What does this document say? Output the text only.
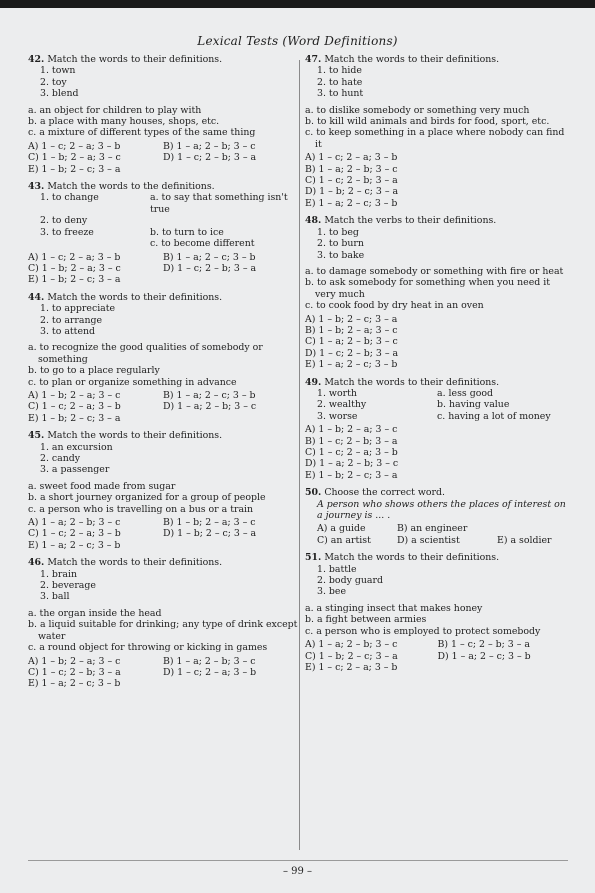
Lexical Tests (Word Definitions)
42. Match the words to their definitions.
1. town
2. toy
3. blend
a. an object for children to play with
b. a place with many houses, shops, etc.
c. a mixture of different types of the same thing
A) 1 – c; 2 – a; 3 – b	B) 1 – a; 2 – b; 3 – c
C) 1 – b; 2 – a; 3 – c	D) 1 – c; 2 – b; 3 – a
E) 1 – b; 2 – c; 3 – a
43. Match the words to the definitions.
1. to change	a. to say that something isn't true
2. to deny
3. to freeze	b. to turn to ice
c. to become different
A) 1 – c; 2 – a; 3 – b	B) 1 – a; 2 – c; 3 – b
C) 1 – b; 2 – a; 3 – c	D) 1 – c; 2 – b; 3 – a
E) 1 – b; 2 – c; 3 – a
44. Match the words to their definitions.
1. to appreciate
2. to arrange
3. to attend
a. to recognize the good qualities of somebody or something
b. to go to a place regularly
c. to plan or organize something in advance
A) 1 – b; 2 – a; 3 – c	B) 1 – a; 2 – c; 3 – b
C) 1 – c; 2 – a; 3 – b	D) 1 – a; 2 – b; 3 – c
E) 1 – b; 2 – c; 3 – a
45. Match the words to their definitions.
1. an excursion
2. candy
3. a passenger
a. sweet food made from sugar
b. a short journey organized for a group of people
c. a person who is travelling on a bus or a train
A) 1 – a; 2 – b; 3 – c	B) 1 – b; 2 – a; 3 – c
C) 1 – c; 2 – a; 3 – b	D) 1 – b; 2 – c; 3 – a
E) 1 – a; 2 – c; 3 – b
46. Match the words to their definitions.
1. brain
2. beverage
3. ball
a. the organ inside the head
b. a liquid suitable for drinking; any type of drink except water
c. a round object for throwing or kicking in games
A) 1 – b; 2 – a; 3 – c	B) 1 – a; 2 – b; 3 – c
C) 1 – c; 2 – b; 3 – a	D) 1 – c; 2 – a; 3 – b
E) 1 – a; 2 – c; 3 – b
47. Match the words to their definitions.
1. to hide
2. to hate
3. to hunt
a. to dislike somebody or something very much
b. to kill wild animals and birds for food, sport, etc.
c. to keep something in a place where nobody can find it
A) 1 – c; 2 – a; 3 – b
B) 1 – a; 2 – b; 3 – c
C) 1 – c; 2 – b; 3 – a
D) 1 – b; 2 – c; 3 – a
E) 1 – a; 2 – c; 3 – b
48. Match the verbs to their definitions.
1. to beg
2. to burn
3. to bake
a. to damage somebody or something with fire or heat
b. to ask somebody for something when you need it very much
c. to cook food by dry heat in an oven
A) 1 – b; 2 – c; 3 – a
B) 1 – b; 2 – a; 3 – c
C) 1 – a; 2 – b; 3 – c
D) 1 – c; 2 – b; 3 – a
E) 1 – a; 2 – c; 3 – b
49. Match the words to their definitions.
1. worth	a. less good
2. wealthy	b. having value
3. worse	c. having a lot of money
A) 1 – b; 2 – a; 3 – c
B) 1 – c; 2 – b; 3 – a
C) 1 – c; 2 – a; 3 – b
D) 1 – a; 2 – b; 3 – c
E) 1 – b; 2 – c; 3 – a
50. Choose the correct word.
A person who shows others the places of interest on a journey is ... .
A) a guide	B) an engineer
C) an artist	D) a scientist	E) a soldier
51. Match the words to their definitions.
1. battle
2. body guard
3. bee
a. a stinging insect that makes honey
b. a fight between armies
c. a person who is employed to protect somebody
A) 1 – a; 2 – b; 3 – c	B) 1 – c; 2 – b; 3 – a
C) 1 – b; 2 – c; 3 – a	D) 1 – a; 2 – c; 3 – b
E) 1 – c; 2 – a; 3 – b
– 99 –
